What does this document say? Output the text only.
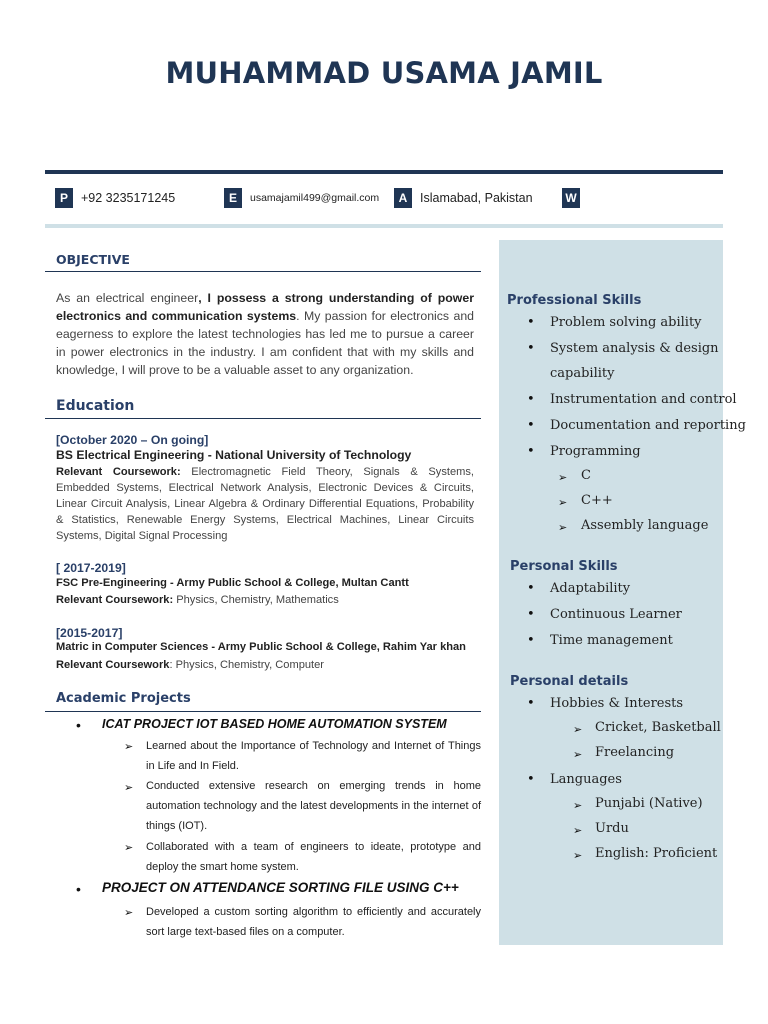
MUHAMMAD USAMA JAMIL
P	+92 3235171245	E	usamajamil499@gmail.com	A	Islamabad, Pakistan	W
OBJECTIVE
As an electrical engineer, I possess a strong understanding of power electronics and communication systems. My passion for electronics and eagerness to explore the latest technologies has led me to pursue a career in power electronics in the industry. I am confident that with my skills and knowledge, I will prove to be a valuable asset to any organization.
Education
[October 2020 – On going]
BS Electrical Engineering - National University of Technology
Relevant Coursework: Electromagnetic Field Theory, Signals & Systems, Embedded Systems, Electrical Network Analysis, Electronic Devices & Circuits, Linear Circuit Analysis, Linear Algebra & Ordinary Differential Equations, Probability & Statistics, Renewable Energy Systems, Electrical Machines, Linear Circuits Systems, Digital Signal Processing
[ 2017-2019]
FSC Pre-Engineering - Army Public School & College, Multan Cantt
Relevant Coursework: Physics, Chemistry, Mathematics
[2015-2017]
Matric in Computer Sciences - Army Public School & College, Rahim Yar khan
Relevant Coursework: Physics, Chemistry, Computer
Academic Projects
• ICAT PROJECT IOT BASED HOME AUTOMATION SYSTEM
➢ Learned about the Importance of Technology and Internet of Things in Life and In Field.
➢ Conducted extensive research on emerging trends in home automation technology and the latest developments in the internet of things (IOT).
➢ Collaborated with a team of engineers to ideate, prototype and deploy the smart home system.
• PROJECT ON ATTENDANCE SORTING FILE USING C++
➢ Developed a custom sorting algorithm to efficiently and accurately sort large text-based files on a computer.
Professional Skills
• Problem solving ability
• System analysis & design
capability
• Instrumentation and control
• Documentation and reporting
• Programming
➢ C
➢ C++
➢ Assembly language
Personal Skills
• Adaptability
• Continuous Learner
• Time management
Personal details
• Hobbies & Interests
➢ Cricket, Basketball
➢ Freelancing
• Languages
➢ Punjabi (Native)
➢ Urdu
➢ English: Proficient
